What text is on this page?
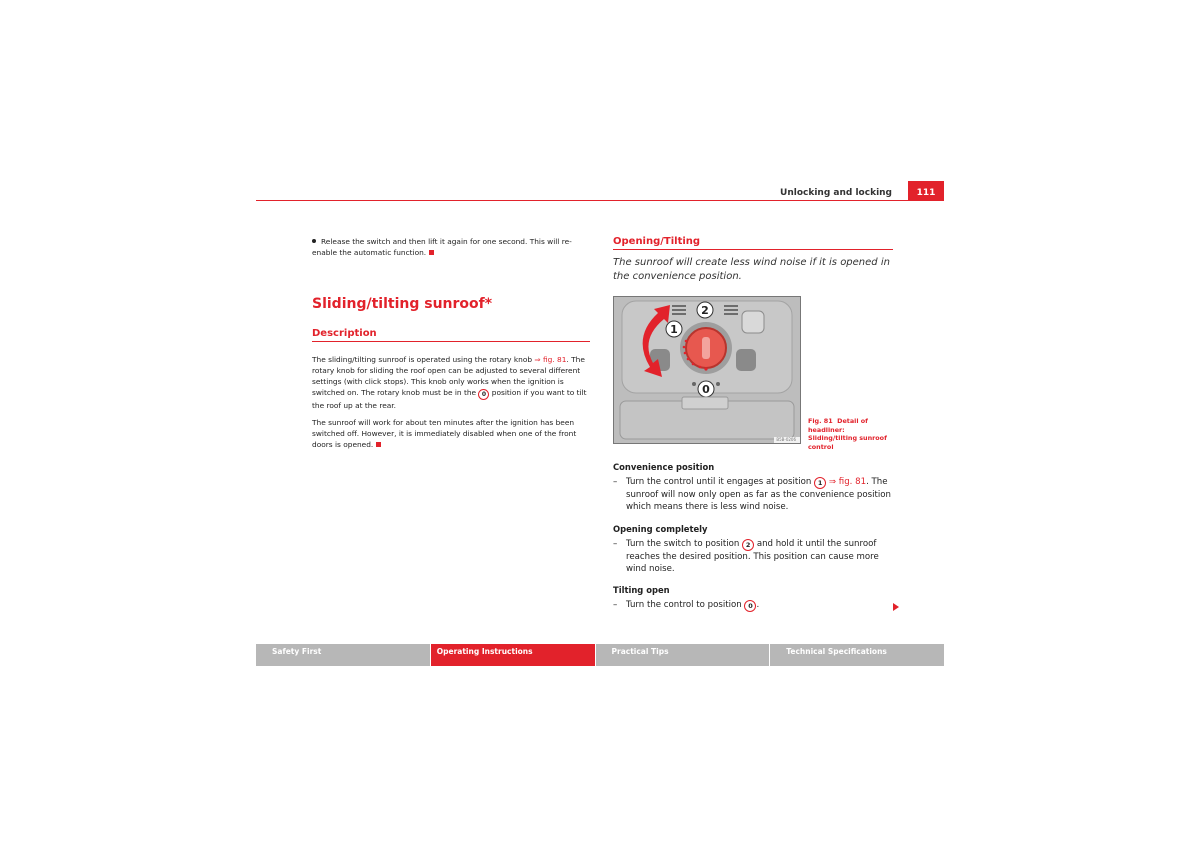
Unlocking and locking	111

Release the switch and then lift it again for one second. This will re-enable the automatic function.

Sliding/tilting sunroof*

Description

The sliding/tilting sunroof is operated using the rotary knob ⇒ fig. 81. The rotary knob for sliding the roof open can be adjusted to several different settings (with click stops). This knob only works when the ignition is switched on. The rotary knob must be in the 0 position if you want to tilt the roof up at the rear.

The sunroof will work for about ten minutes after the ignition has been switched off. However, it is immediately disabled when one of the front doors is opened.

Opening/Tilting

The sunroof will create less wind noise if it is opened in the convenience position.

2
1
0
B5B-0206
Fig. 81 Detail of headliner: Sliding/tilting sunroof control

Convenience position

– Turn the control until it engages at position 1 ⇒ fig. 81. The sunroof will now only open as far as the convenience position which means there is less wind noise.

Opening completely

– Turn the switch to position 2 and hold it until the sunroof reaches the desired position. This position can cause more wind noise.

Tilting open

– Turn the control to position 0 .

Safety First	Operating Instructions	Practical Tips	Technical Specifications
